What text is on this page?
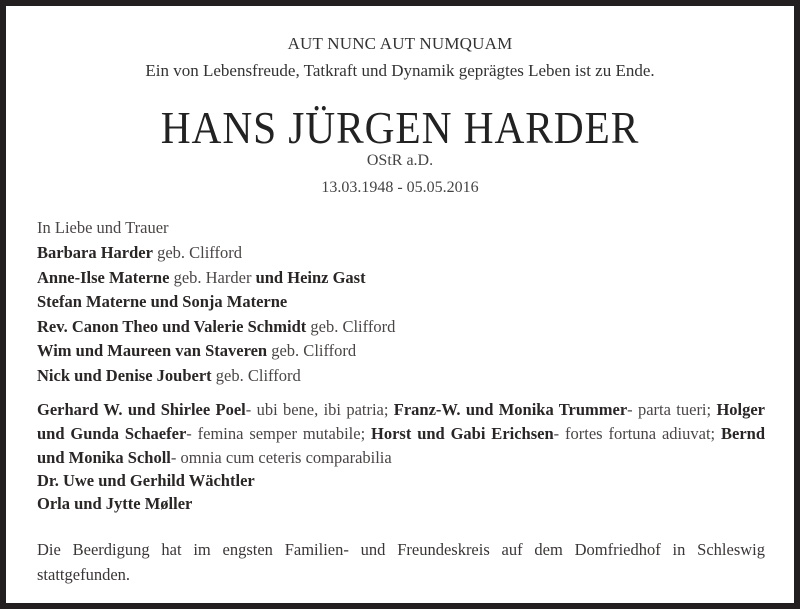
AUT NUNC AUT NUMQUAM
Ein von Lebensfreude, Tatkraft und Dynamik geprägtes Leben ist zu Ende.
HANS JÜRGEN HARDER
OStR a.D.
13.03.1948 - 05.05.2016
In Liebe und Trauer
Barbara Harder geb. Clifford
Anne-Ilse Materne geb. Harder und Heinz Gast
Stefan Materne und Sonja Materne
Rev. Canon Theo und Valerie Schmidt geb. Clifford
Wim und Maureen van Staveren geb. Clifford
Nick und Denise Joubert geb. Clifford
Gerhard W. und Shirlee Poel- ubi bene, ibi patria; Franz-W. und Monika Trummer- parta tueri; Holger und Gunda Schaefer- femina semper mutabile; Horst und Gabi Erichsen- fortes fortuna adiuvat; Bernd und Monika Scholl- omnia cum ceteris comparabilia
Dr. Uwe und Gerhild Wächtler
Orla und Jytte Møller
Die Beerdigung hat im engsten Familien- und Freundeskreis auf dem Domfriedhof in Schleswig stattgefunden.
